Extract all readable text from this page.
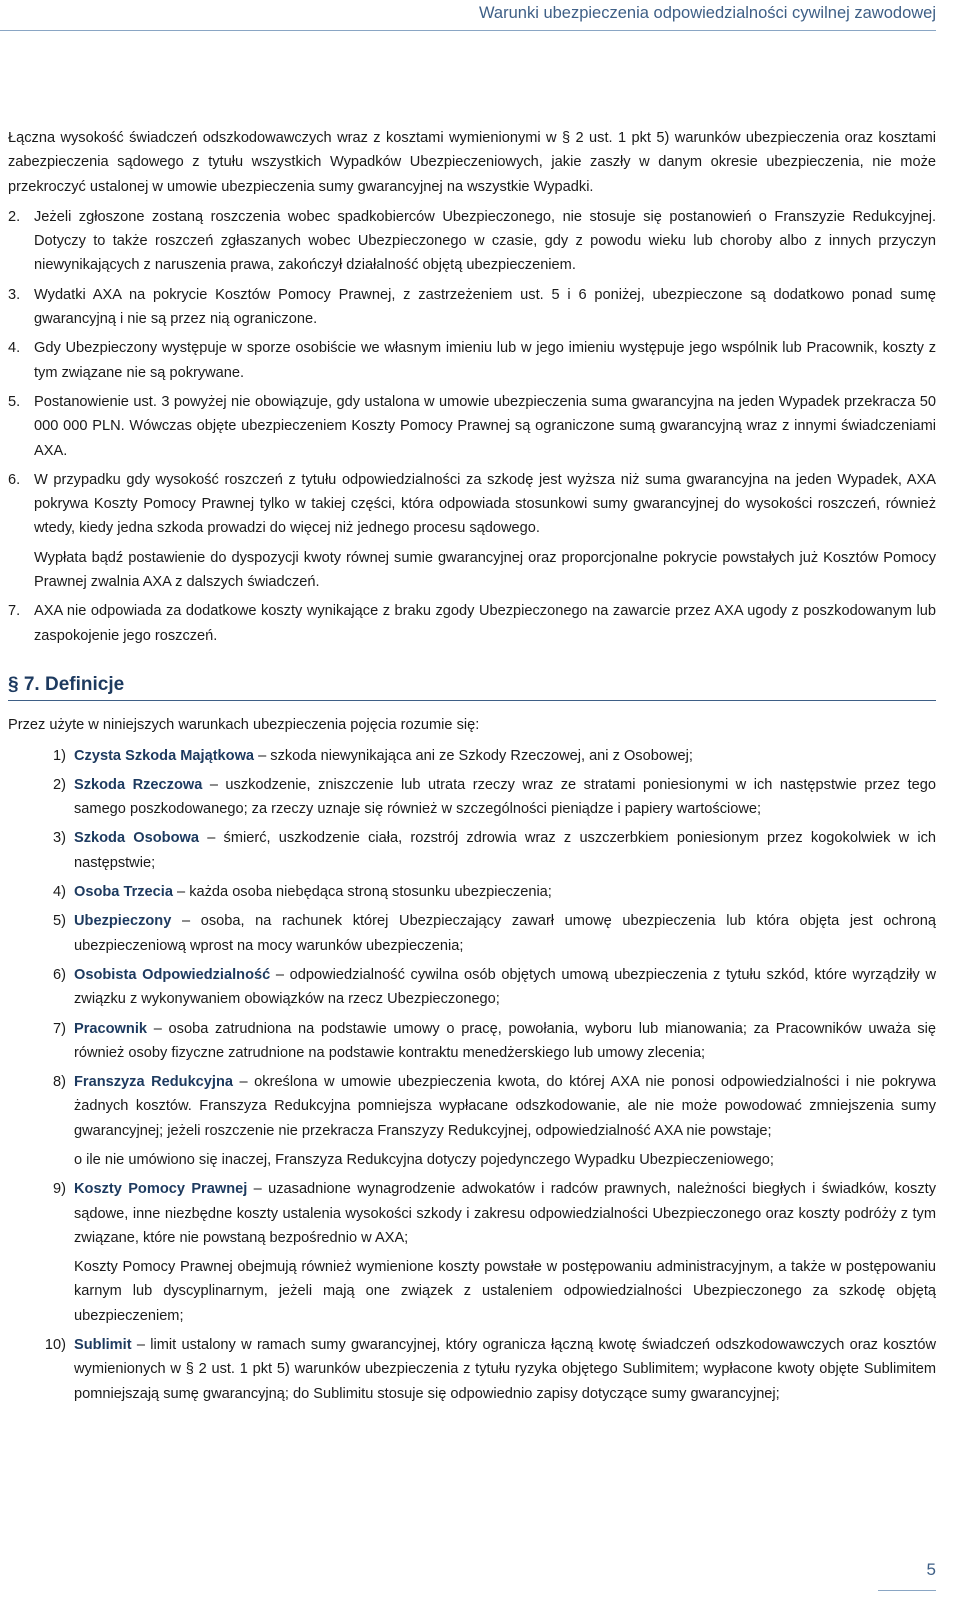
Warunki ubezpieczenia odpowiedzialności cywilnej zawodowej

Łączna wysokość świadczeń odszkodowawczych wraz z kosztami wymienionymi w § 2 ust. 1 pkt 5) warunków ubezpieczenia oraz kosztami zabezpieczenia sądowego z tytułu wszystkich Wypadków Ubezpieczeniowych, jakie zaszły w danym okresie ubezpieczenia, nie może przekroczyć ustalonej w umowie ubezpieczenia sumy gwarancyjnej na wszystkie Wypadki.

2. Jeżeli zgłoszone zostaną roszczenia wobec spadkobierców Ubezpieczonego, nie stosuje się postanowień o Franszyzie Redukcyjnej. Dotyczy to także roszczeń zgłaszanych wobec Ubezpieczonego w czasie, gdy z powodu wieku lub choroby albo z innych przyczyn niewynikających z naruszenia prawa, zakończył działalność objętą ubezpieczeniem.
3. Wydatki AXA na pokrycie Kosztów Pomocy Prawnej, z zastrzeżeniem ust. 5 i 6 poniżej, ubezpieczone są dodatkowo ponad sumę gwarancyjną i nie są przez nią ograniczone.
4. Gdy Ubezpieczony występuje w sporze osobiście we własnym imieniu lub w jego imieniu występuje jego wspólnik lub Pracownik, koszty z tym związane nie są pokrywane.
5. Postanowienie ust. 3 powyżej nie obowiązuje, gdy ustalona w umowie ubezpieczenia suma gwarancyjna na jeden Wypadek przekracza 50 000 000 PLN. Wówczas objęte ubezpieczeniem Koszty Pomocy Prawnej są ograniczone sumą gwarancyjną wraz z innymi świadczeniami AXA.
6. W przypadku gdy wysokość roszczeń z tytułu odpowiedzialności za szkodę jest wyższa niż suma gwarancyjna na jeden Wypadek, AXA pokrywa Koszty Pomocy Prawnej tylko w takiej części, która odpowiada stosunkowi sumy gwarancyjnej do wysokości roszczeń, również wtedy, kiedy jedna szkoda prowadzi do więcej niż jednego procesu sądowego.

Wypłata bądź postawienie do dyspozycji kwoty równej sumie gwarancyjnej oraz proporcjonalne pokrycie powstałych już Kosztów Pomocy Prawnej zwalnia AXA z dalszych świadczeń.

7. AXA nie odpowiada za dodatkowe koszty wynikające z braku zgody Ubezpieczonego na zawarcie przez AXA ugody z poszkodowanym lub zaspokojenie jego roszczeń.
§ 7. Definicje

Przez użyte w niniejszych warunkach ubezpieczenia pojęcia rozumie się:

1) Czysta Szkoda Majątkowa – szkoda niewynikająca ani ze Szkody Rzeczowej, ani z Osobowej;
2) Szkoda Rzeczowa – uszkodzenie, zniszczenie lub utrata rzeczy wraz ze stratami poniesionymi w ich następstwie przez tego samego poszkodowanego; za rzeczy uznaje się również w szczególności pieniądze i papiery wartościowe;
3) Szkoda Osobowa – śmierć, uszkodzenie ciała, rozstrój zdrowia wraz z uszczerbkiem poniesionym przez kogokolwiek w ich następstwie;
4) Osoba Trzecia – każda osoba niebędąca stroną stosunku ubezpieczenia;
5) Ubezpieczony – osoba, na rachunek której Ubezpieczający zawarł umowę ubezpieczenia lub która objęta jest ochroną ubezpieczeniową wprost na mocy warunków ubezpieczenia;
6) Osobista Odpowiedzialność – odpowiedzialność cywilna osób objętych umową ubezpieczenia z tytułu szkód, które wyrządziły w związku z wykonywaniem obowiązków na rzecz Ubezpieczonego;
7) Pracownik – osoba zatrudniona na podstawie umowy o pracę, powołania, wyboru lub mianowania; za Pracowników uważa się również osoby fizyczne zatrudnione na podstawie kontraktu menedżerskiego lub umowy zlecenia;
8) Franszyza Redukcyjna – określona w umowie ubezpieczenia kwota, do której AXA nie ponosi odpowiedzialności i nie pokrywa żadnych kosztów. Franszyza Redukcyjna pomniejsza wypłacane odszkodowanie, ale nie może powodować zmniejszenia sumy gwarancyjnej; jeżeli roszczenie nie przekracza Franszyzy Redukcyjnej, odpowiedzialność AXA nie powstaje;

o ile nie umówiono się inaczej, Franszyza Redukcyjna dotyczy pojedynczego Wypadku Ubezpieczeniowego;

9) Koszty Pomocy Prawnej – uzasadnione wynagrodzenie adwokatów i radców prawnych, należności biegłych i świadków, koszty sądowe, inne niezbędne koszty ustalenia wysokości szkody i zakresu odpowiedzialności Ubezpieczonego oraz koszty podróży z tym związane, które nie powstaną bezpośrednio w AXA;

Koszty Pomocy Prawnej obejmują również wymienione koszty powstałe w postępowaniu administracyjnym, a także w postępowaniu karnym lub dyscyplinarnym, jeżeli mają one związek z ustaleniem odpowiedzialności Ubezpieczonego za szkodę objętą ubezpieczeniem;

10) Sublimit – limit ustalony w ramach sumy gwarancyjnej, który ogranicza łączną kwotę świadczeń odszkodowawczych oraz kosztów wymienionych w § 2 ust. 1 pkt 5) warunków ubezpieczenia z tytułu ryzyka objętego Sublimitem; wypłacone kwoty objęte Sublimitem pomniejszają sumę gwarancyjną; do Sublimitu stosuje się odpowiednio zapisy dotyczące sumy gwarancyjnej;
5
